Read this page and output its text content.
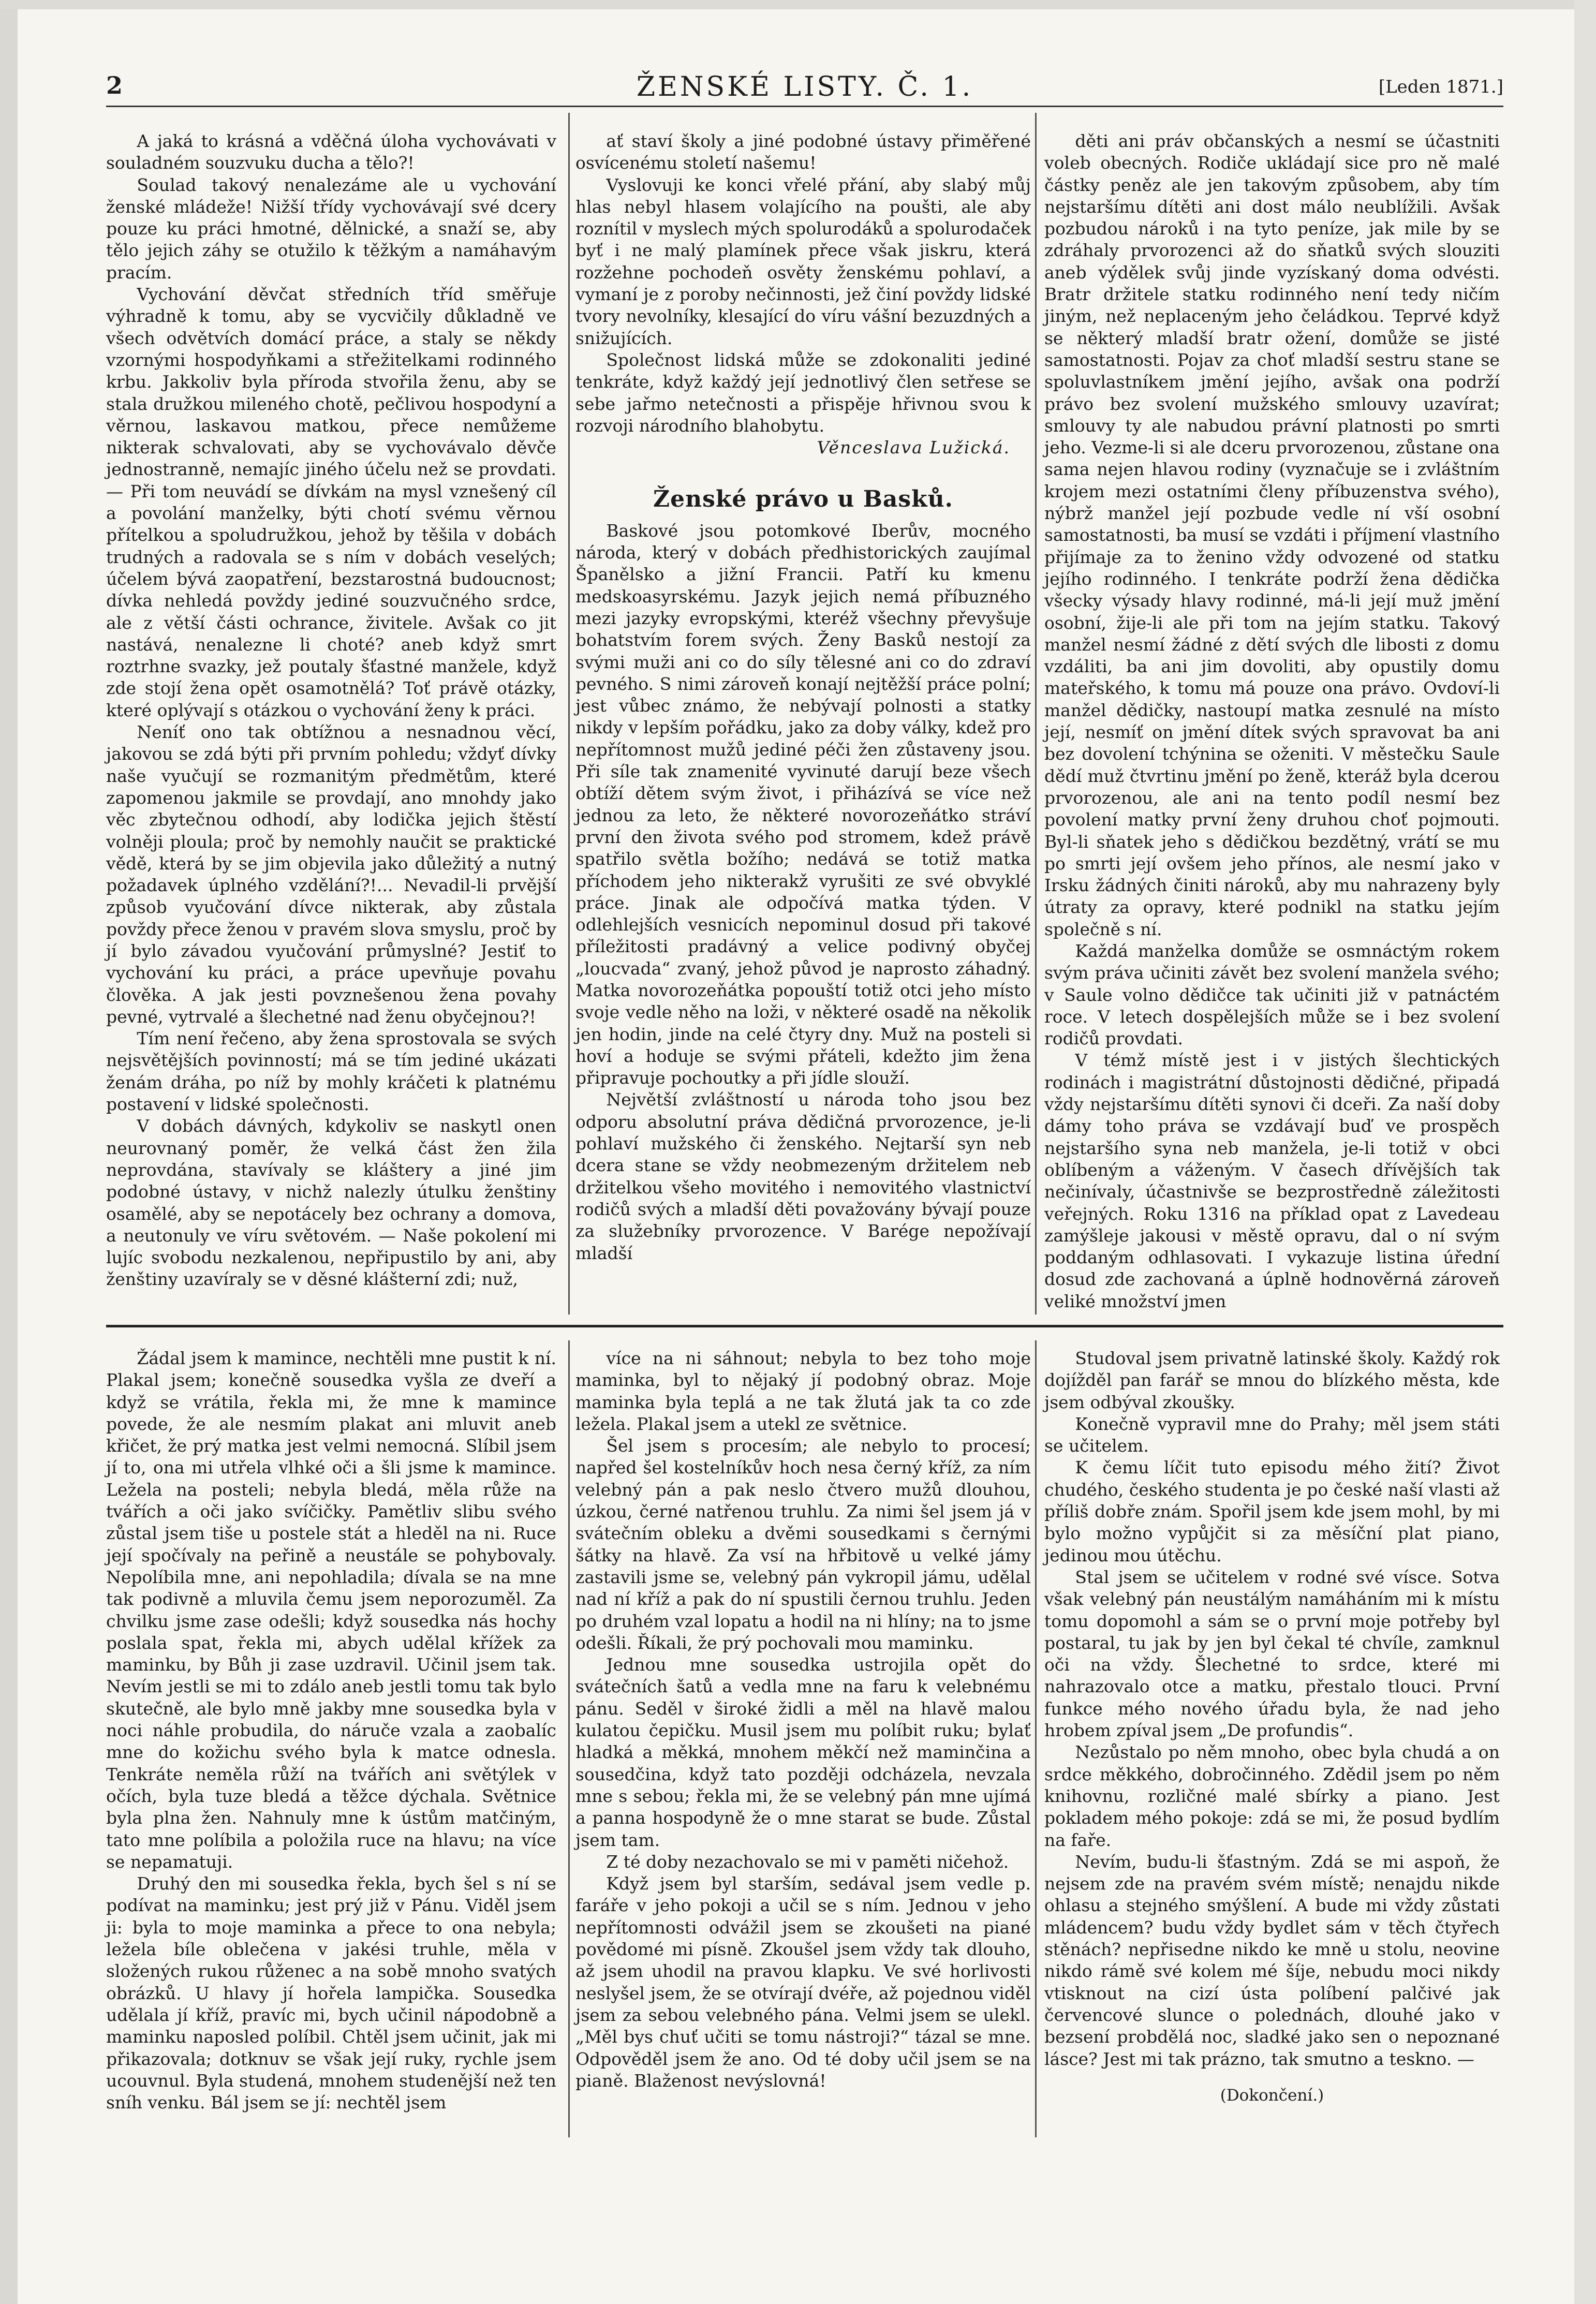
2	ŽENSKÉ LISTY. Č. 1.	[Leden 1871.]

A jaká to krásná a vděčná úloha vychovávati v souladném souzvuku ducha a tělo?!

Soulad takový nenalezáme ale u vychování ženské mládeže! Nižší třídy vychovávají své dcery pouze ku práci hmotné, dělnické, a snaží se, aby tělo jejich záhy se otužilo k těžkým a namáhavým pracím.

Vychování děvčat středních tříd směřuje výhradně k tomu, aby se vycvičily důkladně ve všech odvětvích domácí práce, a staly se někdy vzornými hospodyňkami a střežitelkami rodinného krbu. Jakkoliv byla příroda stvořila ženu, aby se stala družkou mileného chotě, pečlivou hospodyní a věrnou, laskavou matkou, přece nemůžeme nikterak schvalovati, aby se vychovávalo děvče jednostranně, nemajíc jiného účelu než se provdati. — Při tom neuvádí se dívkám na mysl vznešený cíl a povolání manželky, býti chotí svému věrnou přítelkou a spoludružkou, jehož by těšila v dobách trudných a radovala se s ním v dobách veselých; účelem bývá zaopatření, bezstarostná budoucnost; dívka nehledá povždy jediné souzvučného srdce, ale z větší části ochrance, živitele. Avšak co jit nastává, nenalezne li choté? aneb když smrt roztrhne svazky, jež poutaly šťastné manžele, když zde stojí žena opět osamotnělá? Toť právě otázky, které oplývají s otázkou o vychování ženy k práci.

Neníť ono tak obtížnou a nesnadnou věcí, jakovou se zdá býti při prvním pohledu; vždyť dívky naše vyučují se rozmanitým předmětům, které zapomenou jakmile se provdají, ano mnohdy jako věc zbytečnou odhodí, aby lodička jejich štěstí volněji ploula; proč by nemohly naučit se praktické vědě, která by se jim objevila jako důležitý a nutný požadavek úplného vzdělání?!... Nevadil-li prvější způsob vyučování dívce nikterak, aby zůstala povždy přece ženou v pravém slova smyslu, proč by jí bylo závadou vyučování průmyslné? Jestiť to vychování ku práci, a práce upevňuje povahu člověka. A jak jesti povznešenou žena povahy pevné, vytrvalé a šlechetné nad ženu obyčejnou?!

Tím není řečeno, aby žena sprostovala se svých nejsvětějších povinností; má se tím jediné ukázati ženám dráha, po níž by mohly kráčeti k platnému postavení v lidské společnosti.

V dobách dávných, kdykoliv se naskytl onen neurovnaný poměr, že velká část žen žila neprovdána, stavívaly se kláštery a jiné jim podobné ústavy, v nichž nalezly útulku ženštiny osamělé, aby se nepotácely bez ochrany a domova, a neutonuly ve víru světovém. — Naše pokolení mi lujíc svobodu nezkalenou, nepřipustilo by ani, aby ženštiny uzavíraly se v děsné klášterní zdi; nuž,

ať staví školy a jiné podobné ústavy přiměřené osvícenému století našemu!

Vyslovuji ke konci vřelé přání, aby slabý můj hlas nebyl hlasem volajícího na poušti, ale aby roznítil v myslech mých spolurodáků a spolurodaček byť i ne malý plamínek přece však jiskru, která rozžehne pochodeň osvěty ženskému pohlaví, a vymaní je z poroby nečinnosti, jež činí povždy lidské tvory nevolníky, klesající do víru vášní bezuzdných a snižujících.

Společnost lidská může se zdokonaliti jediné tenkráte, když každý její jednotlivý člen setřese se sebe jařmo netečnosti a přispěje hřivnou svou k rozvoji národního blahobytu.

Věnceslava Lužická.
Ženské právo u Basků.

Baskové jsou potomkové Iberův, mocného národa, který v dobách předhistorických zaujímal Španělsko a jižní Francii. Patří ku kmenu medskoasyrskému. Jazyk jejich nemá příbuzného mezi jazyky evropskými, kteréž všechny převyšuje bohatstvím forem svých. Ženy Basků nestojí za svými muži ani co do síly tělesné ani co do zdraví pevného. S nimi zároveň konají nejtěžší práce polní; jest vůbec známo, že nebývají polnosti a statky nikdy v lepším pořádku, jako za doby války, kdež pro nepřítomnost mužů jediné péči žen zůstaveny jsou. Při síle tak znamenité vyvinuté darují beze všech obtíží dětem svým život, i přiházívá se více než jednou za leto, že některé novorozeňátko stráví první den života svého pod stromem, kdež právě spatřilo světla božího; nedává se totiž matka příchodem jeho nikterakž vyrušiti ze své obvyklé práce. Jinak ale odpočívá matka týden. V odlehlejších vesnicích nepominul dosud při takové příležitosti pradávný a velice podivný obyčej „loucvada“ zvaný, jehož původ je naprosto záhadný. Matka novorozeňátka popouští totiž otci jeho místo svoje vedle něho na loži, v některé osadě na několik jen hodin, jinde na celé čtyry dny. Muž na posteli si hoví a hoduje se svými přáteli, kdežto jim žena připravuje pochoutky a při jídle slouží.

Největší zvláštností u národa toho jsou bez odporu absolutní práva dědičná prvorozence, je-li pohlaví mužského či ženského. Nejtarší syn neb dcera stane se vždy neobmezeným držitelem neb držitelkou všeho movitého i nemovitého vlastnictví rodičů svých a mladší děti považovány bývají pouze za služebníky prvorozence. V Barége nepožívají mladší

děti ani práv občanských a nesmí se účastniti voleb obecných. Rodiče ukládají sice pro ně malé částky peněz ale jen takovým způsobem, aby tím nejstaršímu dítěti ani dost málo neublížili. Avšak pozbudou nároků i na tyto peníze, jak mile by se zdráhaly prvorozenci až do sňatků svých slouziti aneb výdělek svůj jinde vyzískaný doma odvésti. Bratr držitele statku rodinného není tedy ničím jiným, než neplaceným jeho čeládkou. Teprvé když se některý mladší bratr ožení, domůže se jisté samostatnosti. Pojav za choť mladší sestru stane se spoluvlastníkem jmění jejího, avšak ona podrží právo bez svolení mužského smlouvy uzavírat; smlouvy ty ale nabudou právní platnosti po smrti jeho. Vezme-li si ale dceru prvorozenou, zůstane ona sama nejen hlavou rodiny (vyznačuje se i zvláštním krojem mezi ostatními členy příbuzenstva svého), nýbrž manžel její pozbude vedle ní vší osobní samostatnosti, ba musí se vzdáti i příjmení vlastního přijímaje za to ženino vždy odvozené od statku jejího rodinného. I tenkráte podrží žena dědička všecky výsady hlavy rodinné, má-li její muž jmění osobní, žije-li ale při tom na jejím statku. Takový manžel nesmí žádné z dětí svých dle libosti z domu vzdáliti, ba ani jim dovoliti, aby opustily domu mateřského, k tomu má pouze ona právo. Ovdoví-li manžel dědičky, nastoupí matka zesnulé na místo její, nesmíť on jmění dítek svých spravovat ba ani bez dovolení tchýnina se oženiti. V městečku Saule dědí muž čtvrtinu jmění po ženě, kteráž byla dcerou prvorozenou, ale ani na tento podíl nesmí bez povolení matky první ženy druhou choť pojmouti. Byl-li sňatek jeho s dědičkou bezdětný, vrátí se mu po smrti její ovšem jeho přínos, ale nesmí jako v Irsku žádných činiti nároků, aby mu nahrazeny byly útraty za opravy, které podnikl na statku jejím společně s ní.

Každá manželka domůže se osmnáctým rokem svým práva učiniti závět bez svolení manžela svého; v Saule volno dědičce tak učiniti již v patnáctém roce. V letech dospělejších může se i bez svolení rodičů provdati.

V témž místě jest i v jistých šlechtických rodinách i magistrátní důstojnosti dědičné, připadá vždy nejstaršímu dítěti synovi či dceři. Za naší doby dámy toho práva se vzdávají buď ve prospěch nejstaršího syna neb manžela, je-li totiž v obci oblíbeným a váženým. V časech dřívějších tak nečinívaly, účastnivše se bezprostředně záležitosti veřejných. Roku 1316 na příklad opat z Lavedeau zamýšleje jakousi v městě opravu, dal o ní svým poddaným odhlasovati. I vykazuje listina úřední dosud zde zachovaná a úplně hodnověrná zároveň veliké množství jmen

Žádal jsem k mamince, nechtěli mne pustit k ní. Plakal jsem; konečně sousedka vyšla ze dveří a když se vrátila, řekla mi, že mne k mamince povede, že ale nesmím plakat ani mluvit aneb křičet, že prý matka jest velmi nemocná. Slíbil jsem jí to, ona mi utřela vlhké oči a šli jsme k mamince. Ležela na posteli; nebyla bledá, měla růže na tvářích a oči jako svíčičky. Pamětliv slibu svého zůstal jsem tiše u postele stát a hleděl na ni. Ruce její spočívaly na peřině a neustále se pohybovaly. Nepolíbila mne, ani nepohladila; dívala se na mne tak podivně a mluvila čemu jsem neporozuměl. Za chvilku jsme zase odešli; když sousedka nás hochy poslala spat, řekla mi, abych udělal křížek za maminku, by Bůh ji zase uzdravil. Učinil jsem tak. Nevím jestli se mi to zdálo aneb jestli tomu tak bylo skutečně, ale bylo mně jakby mne sousedka byla v noci náhle probudila, do náruče vzala a zaobalíc mne do kožichu svého byla k matce odnesla. Tenkráte neměla růží na tvářích ani světýlek v očích, byla tuze bledá a těžce dýchala. Světnice byla plna žen. Nahnuly mne k ústům matčiným, tato mne políbila a položila ruce na hlavu; na více se nepamatuji.

Druhý den mi sousedka řekla, bych šel s ní se podívat na maminku; jest prý již v Pánu. Viděl jsem ji: byla to moje maminka a přece to ona nebyla; ležela bíle oblečena v jakési truhle, měla v složených rukou růženec a na sobě mnoho svatých obrázků. U hlavy jí hořela lampička. Sousedka udělala jí kříž, pravíc mi, bych učinil nápodobně a maminku naposled políbil. Chtěl jsem učinit, jak mi přikazovala; dotknuv se však její ruky, rychle jsem ucouvnul. Byla studená, mnohem studenější než ten sníh venku. Bál jsem se jí: nechtěl jsem

více na ni sáhnout; nebyla to bez toho moje maminka, byl to nějaký jí podobný obraz. Moje maminka byla teplá a ne tak žlutá jak ta co zde ležela. Plakal jsem a utekl ze světnice.

Šel jsem s procesím; ale nebylo to procesí; napřed šel kostelníkův hoch nesa černý kříž, za ním velebný pán a pak neslo čtvero mužů dlouhou, úzkou, černé natřenou truhlu. Za nimi šel jsem já v svátečním obleku a dvěmi sousedkami s černými šátky na hlavě. Za vsí na hřbitově u velké jámy zastavili jsme se, velebný pán vykropil jámu, udělal nad ní kříž a pak do ní spustili černou truhlu. Jeden po druhém vzal lopatu a hodil na ni hlíny; na to jsme odešli. Říkali, že prý pochovali mou maminku.

Jednou mne sousedka ustrojila opět do svátečních šatů a vedla mne na faru k velebnému pánu. Seděl v široké židli a měl na hlavě malou kulatou čepičku. Musil jsem mu políbit ruku; bylať hladká a měkká, mnohem měkčí než maminčina a sousedčina, když tato později odcházela, nevzala mne s sebou; řekla mi, že se velebný pán mne ujímá a panna hospodyně že o mne starat se bude. Zůstal jsem tam.

Z té doby nezachovalo se mi v paměti ničehož.

Když jsem byl starším, sedával jsem vedle p. faráře v jeho pokoji a učil se s ním. Jednou v jeho nepřítomnosti odvážil jsem se zkoušeti na piané povědomé mi písně. Zkoušel jsem vždy tak dlouho, až jsem uhodil na pravou klapku. Ve své horlivosti neslyšel jsem, že se otvírají dvéře, až pojednou viděl jsem za sebou velebného pána. Velmi jsem se ulekl. „Měl bys chuť učiti se tomu nástroji?“ tázal se mne. Odpověděl jsem že ano. Od té doby učil jsem se na pianě. Blaženost nevýslovná!

Studoval jsem privatně latinské školy. Každý rok dojížděl pan farář se mnou do blízkého města, kde jsem odbýval zkoušky.

Konečně vypravil mne do Prahy; měl jsem státi se učitelem.

K čemu líčit tuto episodu mého žití? Život chudého, českého studenta je po české naší vlasti až příliš dobře znám. Spořil jsem kde jsem mohl, by mi bylo možno vypůjčit si za měsíční plat piano, jedinou mou útěchu.

Stal jsem se učitelem v rodné své vísce. Sotva však velebný pán neustálým namáháním mi k místu tomu dopomohl a sám se o první moje potřeby byl postaral, tu jak by jen byl čekal té chvíle, zamknul oči na vždy. Šlechetné to srdce, které mi nahrazovalo otce a matku, přestalo tlouci. První funkce mého nového úřadu byla, že nad jeho hrobem zpíval jsem „De profundis“.

Nezůstalo po něm mnoho, obec byla chudá a on srdce měkkého, dobročinného. Zdědil jsem po něm knihovnu, rozličné malé sbírky a piano. Jest pokladem mého pokoje: zdá se mi, že posud bydlím na faře.

Nevím, budu-li šťastným. Zdá se mi aspoň, že nejsem zde na pravém svém místě; nenajdu nikde ohlasu a stejného smýšlení. A bude mi vždy zůstati mládencem? budu vždy bydlet sám v těch čtyřech stěnách? nepřisedne nikdo ke mně u stolu, neovine nikdo rámě své kolem mé šíje, nebudu moci nikdy vtisknout na cizí ústa políbení palčivé jak červencové slunce o polednách, dlouhé jako v bezsení probdělá noc, sladké jako sen o nepoznané lásce? Jest mi tak prázno, tak smutno a teskno. —

(Dokončení.)
